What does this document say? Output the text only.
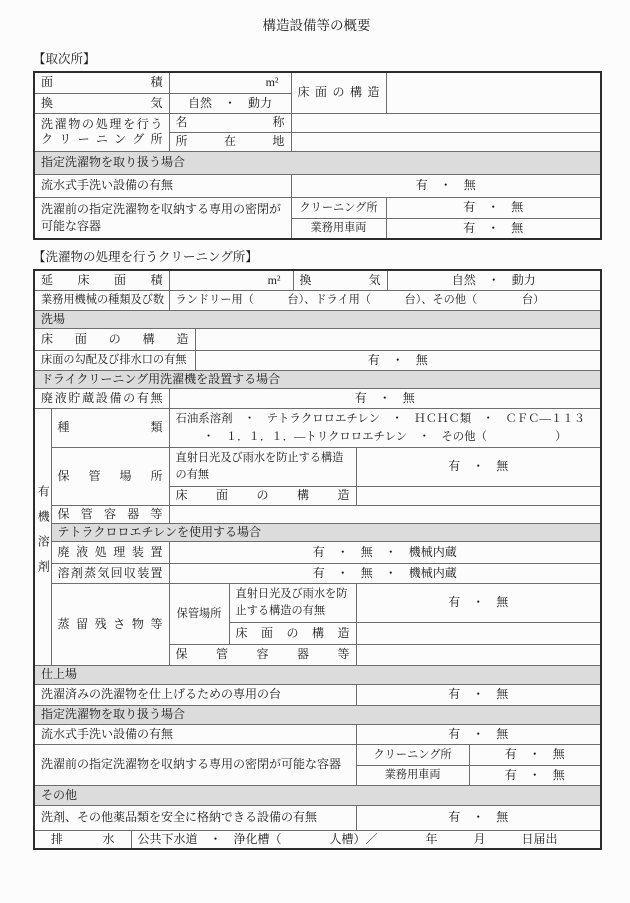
構造設備等の概要
【取次所】
面 積	m²	床面の構造	
換 気	自然　・　動力		

洗濯物の処理を行う
クリーニング所	名 称		
	所 在 地		
指定洗濯物を取り扱う場合			
流水式手洗い設備の有無		有　・　無	
洗濯前の指定洗濯物を収納する専用の密閉が可能な容器		クリーニング所	有　・　無
		業務用車両	有　・　無
【洗濯物の処理を行うクリーニング所】
延 床 面 積			m²			換 気		自然　・　動力	
業務用機械の種類及び数			ランドリー用（　　　台）、ドライ用（　　　台）、その他（　　　　台）						
洗場									
床面の構造									
床面の勾配及び排水口の有無				有　・　無					
ドライクリーニング用洗濯機を設置する場合									
廃液貯蔵設備の有無			有　・　無						
有機溶剤	種 類		石油系溶剤　・　テトラクロロエチレン　・　ＨＣＨＣ類　・　ＣＦＣ―１１３
・　１．１．１．―トリクロロエチレン　・　その他（　　　　　　）						

	保 管 場 所		直射日光及び雨水を防止する構造の有無				有　・　無		
			床面の構造						
	保 管 容 器 等								
	テトラクロロエチレンを使用する場合								
	廃 液 処 理 装 置		有　・　無　・　機械内蔵						
	溶剤蒸気回収装置		有　・　無　・　機械内蔵						
	蒸 留 残 さ 物 等		保管場所		直射日光及び雨水を防止する構造の有無		有　・　無		
					床面の構造				
			保 管 容 器 等						
仕上場									
洗濯済みの洗濯物を仕上げるための専用の台							有　・　無		
指定洗濯物を取り扱う場合									
流水式手洗い設備の有無							有　・　無		
洗濯前の指定洗濯物を収納する専用の密閉が可能な容器							クリーニング所		有　・　無
							業務用車両		有　・　無
その他									
洗剤、その他薬品類を安全に格納できる設備の有無							有　・　無		
排 水		公共下水道　・　浄化槽（　　　　人槽）／　　　　年　　　月　　　日届出							
